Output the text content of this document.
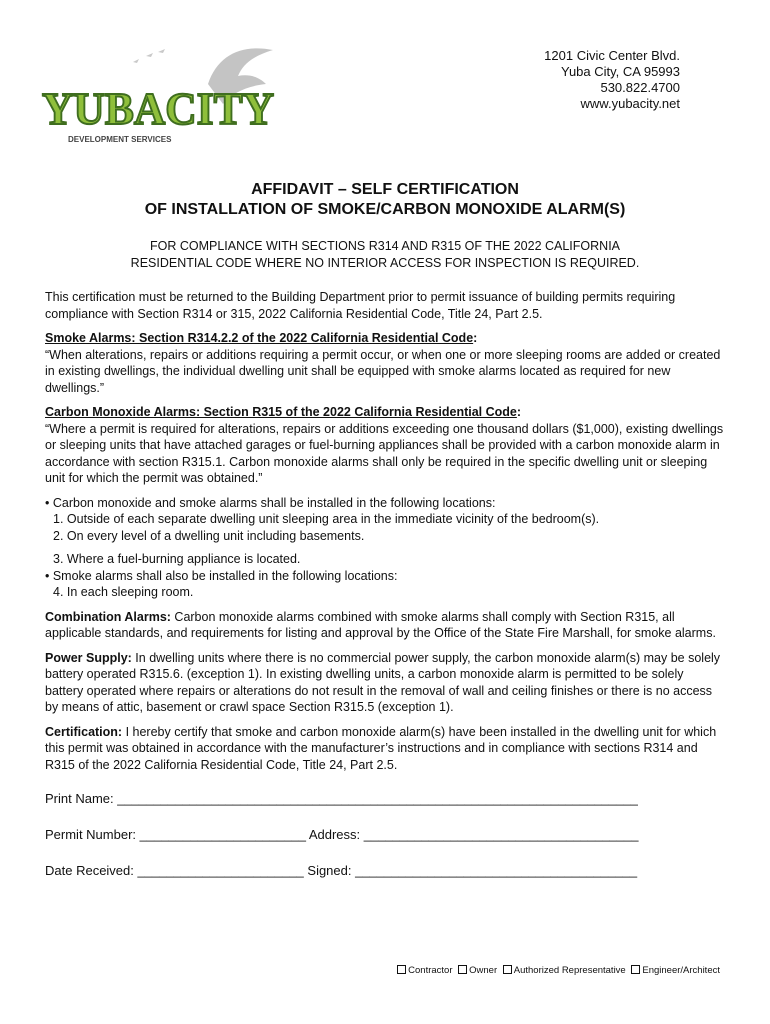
YUBACITY
DEVELOPMENT SERVICES
1201 Civic Center Blvd.
Yuba City, CA 95993
530.822.4700
www.yubacity.net
AFFIDAVIT – SELF CERTIFICATION
OF INSTALLATION OF SMOKE/CARBON MONOXIDE ALARM(S)
FOR COMPLIANCE WITH SECTIONS R314 AND R315 OF THE 2022 CALIFORNIA
RESIDENTIAL CODE WHERE NO INTERIOR ACCESS FOR INSPECTION IS REQUIRED.

This certification must be returned to the Building Department prior to permit issuance of building permits requiring compliance with Section R314 or 315, 2022 California Residential Code, Title 24, Part 2.5.

Smoke Alarms: Section R314.2.2 of the 2022 California Residential Code:

“When alterations, repairs or additions requiring a permit occur, or when one or more sleeping rooms are added or created in existing dwellings, the individual dwelling unit shall be equipped with smoke alarms located as required for new dwellings.”

Carbon Monoxide Alarms: Section R315 of the 2022 California Residential Code:

“Where a permit is required for alterations, repairs or additions exceeding one thousand dollars ($1,000), existing dwellings or sleeping units that have attached garages or fuel-burning appliances shall be provided with a carbon monoxide alarm in accordance with section R315.1. Carbon monoxide alarms shall only be required in the specific dwelling unit or sleeping unit for which the permit was obtained.”

• Carbon monoxide and smoke alarms shall be installed in the following locations:

1. Outside of each separate dwelling unit sleeping area in the immediate vicinity of the bedroom(s).
2. On every level of a dwelling unit including basements.
3. Where a fuel-burning appliance is located.

• Smoke alarms shall also be installed in the following locations:

4. In each sleeping room.

Combination Alarms: Carbon monoxide alarms combined with smoke alarms shall comply with Section R315, all applicable standards, and requirements for listing and approval by the Office of the State Fire Marshall, for smoke alarms.

Power Supply: In dwelling units where there is no commercial power supply, the carbon monoxide alarm(s) may be solely battery operated R315.6. (exception 1). In existing dwelling units, a carbon monoxide alarm is permitted to be solely battery operated where repairs or alterations do not result in the removal of wall and ceiling finishes or there is no access by means of attic, basement or crawl space Section R315.5 (exception 1).

Certification: I hereby certify that smoke and carbon monoxide alarm(s) have been installed in the dwelling unit for which this permit was obtained in accordance with the manufacturer’s instructions and in compliance with sections R314 and R315 of the 2022 California Residential Code, Title 24, Part 2.5.

Print Name: ________________________________________________________________________
Permit Number: _______________________ Address: ______________________________________
Date Received: _______________________ Signed: _______________________________________
Contractor Owner Authorized Representative Engineer/Architect
